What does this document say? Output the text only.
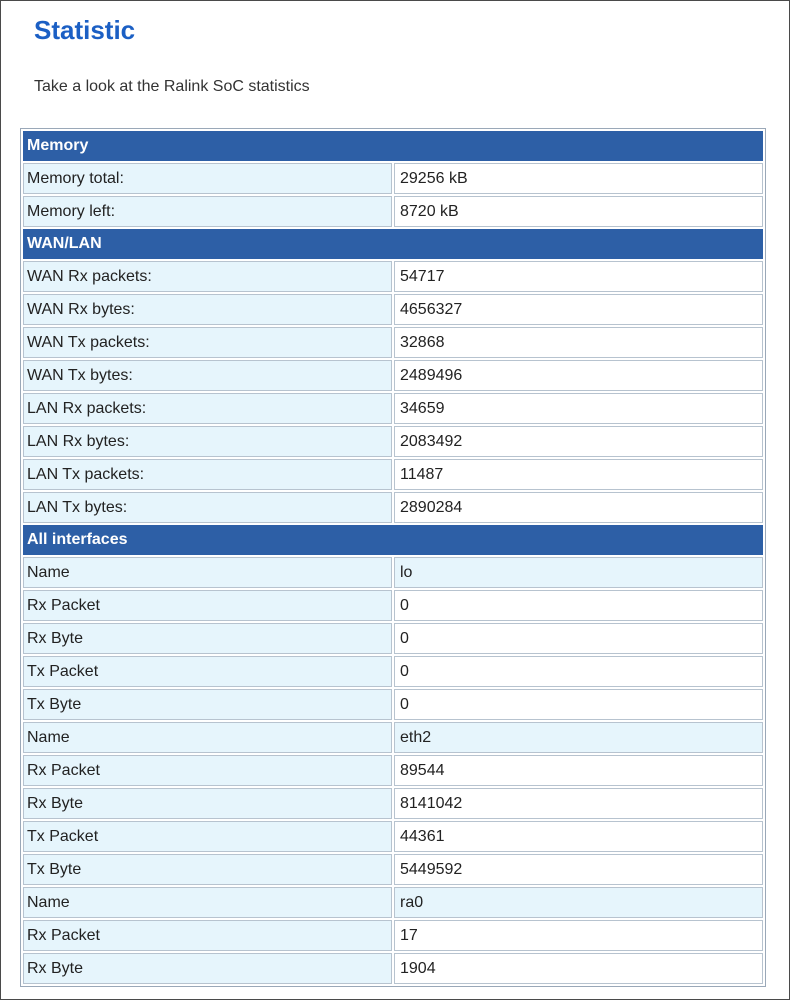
Statistic
Take a look at the Ralink SoC statistics
Memory	
Memory total:	29256 kB
Memory left:	8720 kB
WAN/LAN	
WAN Rx packets:	54717
WAN Rx bytes:	4656327
WAN Tx packets:	32868
WAN Tx bytes:	2489496
LAN Rx packets:	34659
LAN Rx bytes:	2083492
LAN Tx packets:	11487
LAN Tx bytes:	2890284
All interfaces	
Name	lo
Rx Packet	0
Rx Byte	0
Tx Packet	0
Tx Byte	0
Name	eth2
Rx Packet	89544
Rx Byte	8141042
Tx Packet	44361
Tx Byte	5449592
Name	ra0
Rx Packet	17
Rx Byte	1904
